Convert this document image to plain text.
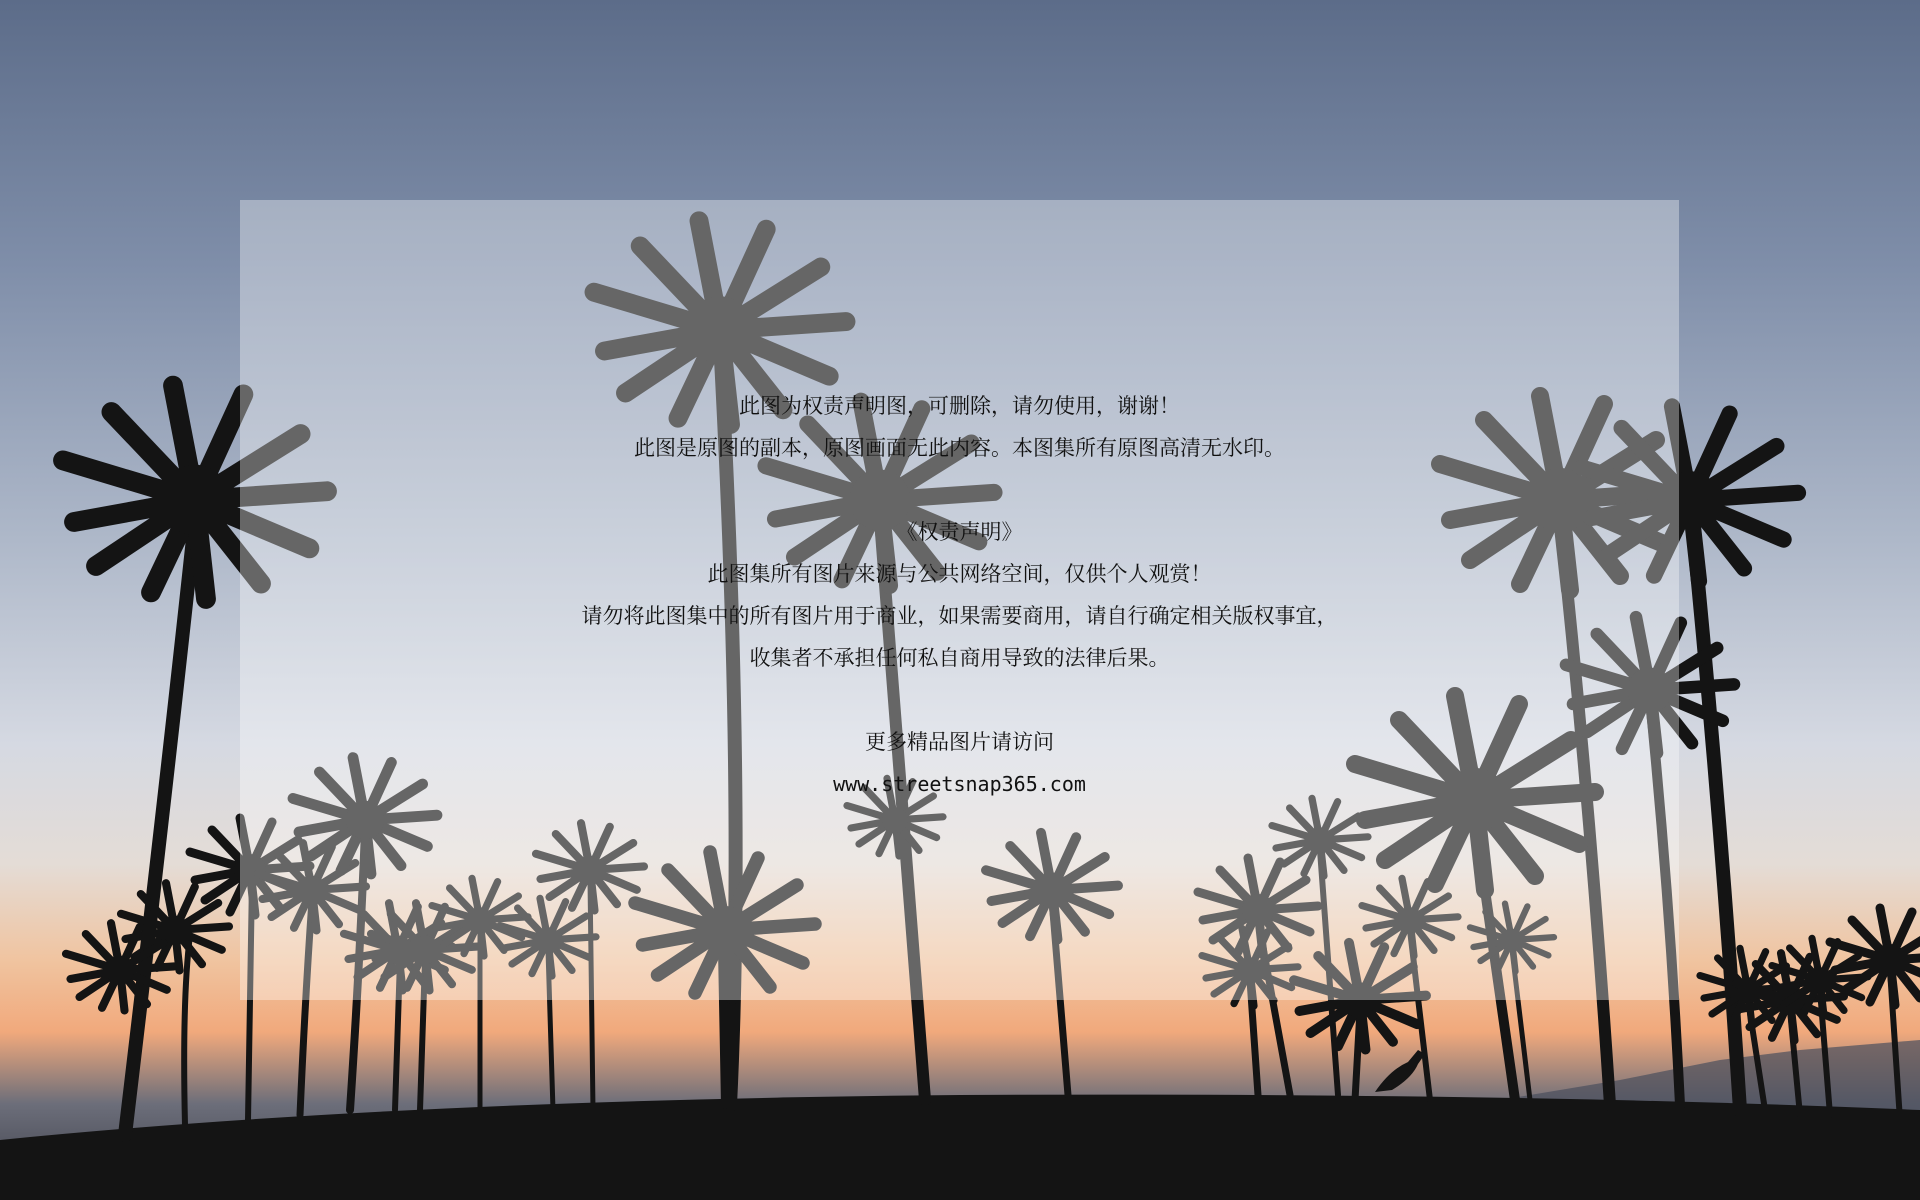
此图为权责声明图，可删除，请勿使用，谢谢！
此图是原图的副本，原图画面无此内容。本图集所有原图高清无水印。
《权责声明》
此图集所有图片来源与公共网络空间，仅供个人观赏！
请勿将此图集中的所有图片用于商业，如果需要商用，请自行确定相关版权事宜，
收集者不承担任何私自商用导致的法律后果。
更多精品图片请访问
www.streetsnap365.com
